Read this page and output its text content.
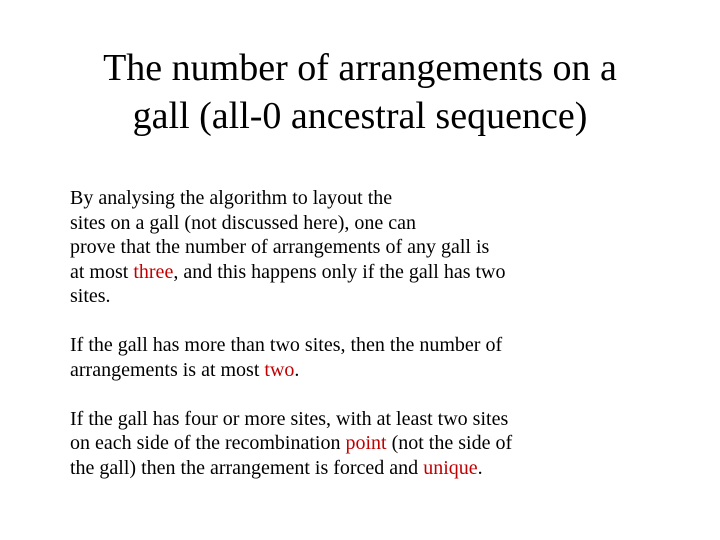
The number of arrangements on a
gall (all-0 ancestral sequence)
By analysing the algorithm to layout the
sites on a gall (not discussed here), one can
prove that the number of arrangements of any gall is
at most three, and this happens only if the gall has two
sites.
If the gall has more than two sites, then the number of
arrangements is at most two.
If the gall has four or more sites, with at least two sites
on each side of the recombination point (not the side of
the gall) then the arrangement is forced and unique.
